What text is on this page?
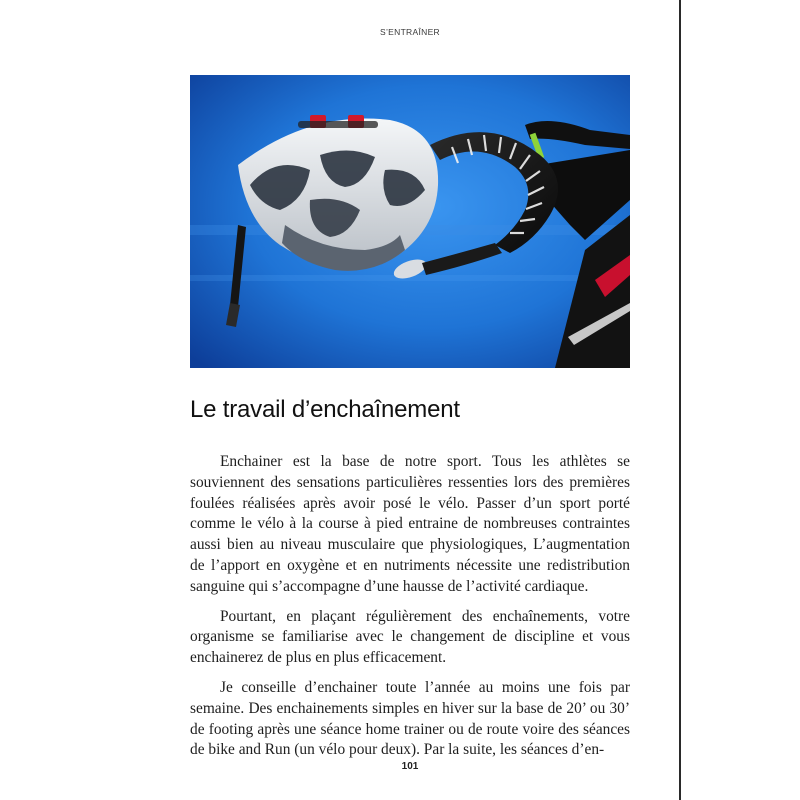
S’ENTRAÎNER
Le travail d’enchaînement

Enchainer est la base de notre sport. Tous les athlètes se souviennent des sensations particulières ressenties lors des premières foulées réalisées après avoir posé le vélo. Passer d’un sport porté comme le vélo à la course à pied entraine de nombreuses contraintes aussi bien au niveau musculaire que physiologiques, L’augmentation de l’apport en oxygène et en nutriments nécessite une redistribution sanguine qui s’accompagne d’une hausse de l’activité cardiaque.

Pourtant, en plaçant régulièrement des enchaînements, votre organisme se familiarise avec le changement de discipline et vous enchainerez de plus en plus efficacement.

Je conseille d’enchainer toute l’année au moins une fois par semaine. Des enchainements simples en hiver sur la base de 20’ ou 30’ de footing après une séance home trainer ou de route voire des séances de bike and Run (un vélo pour deux). Par la suite, les séances d’en-

101
